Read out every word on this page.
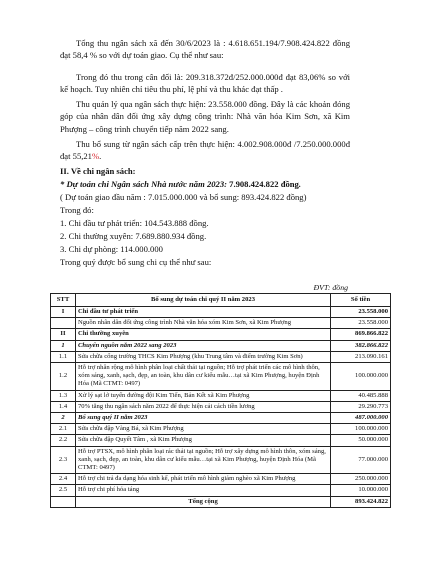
Tổng thu ngân sách xã đến 30/6/2023 là : 4.618.651.194/7.908.424.822 đồng đạt 58,4 % so với dự toán giao. Cụ thể như sau:

Trong đó thu trong cân đối là: 209.318.372đ/252.000.000đ đạt 83,06% so với kế hoạch. Tuy nhiên chỉ tiêu thu phí, lệ phí và thu khác đạt thấp .

Thu quản lý qua ngân sách thực hiện: 23.558.000 đồng. Đây là các khoản đóng góp của nhân dân đối ứng xây dựng công trình: Nhà văn hóa Kim Sơn, xã Kim Phượng – công trình chuyển tiếp năm 2022 sang.

Thu bổ sung từ ngân sách cấp trên thực hiện: 4.002.908.000đ /7.250.000.000đ đạt 55,21%.

II. Về chi ngân sách:

* Dự toán chi Ngân sách Nhà nước năm 2023: 7.908.424.822 đồng.

( Dự toán giao đầu năm : 7.015.000.000 và bổ sung: 893.424.822 đồng)

Trong đó:

1. Chi đầu tư phát triển: 104.543.888 đồng.

2. Chi thường xuyên: 7.689.880.934 đồng.

3. Chi dự phòng: 114.000.000

Trong quý được bổ sung chi cụ thể như sau:

ĐVT: đồng
STT	Bổ sung dự toán chi quý II năm 2023	Số tiền
I	Chi đầu tư phát triển	23.558.000
	Nguồn nhân dân đối ứng công trình Nhà văn hóa xóm Kim Sơn, xã Kim Phượng	23.558.000
II	Chi thường xuyên	869.866.822
1	Chuyển nguồn năm 2022 sang 2023	382.866.822
1.1	Sửa chữa cổng trường THCS Kim Phượng (khu Trung tâm và điểm trường Kim Sơn)	213.090.161
1.2	Hỗ trợ nhân rộng mô hình phân loại chất thải tại nguồn; Hỗ trợ phát triển các mô hình thôn, xóm sáng, xanh, sạch, đẹp, an toàn, khu dân cư kiểu mẫu…tại xã Kim Phượng, huyện Định Hóa (Mã CTMT: 0497)	100.000.000
1.3	Xử lý sạt lở tuyến đường đội Kim Tiến, Bản Kết xã Kim Phượng	40.485.888
1.4	70% tăng thu ngân sách năm 2022 để thực hiện cải cách tiền lương	29.290.773
2	Bổ sung quý II năm 2023	487.000.000
2.1	Sửa chữa đập Vàng Bá, xã Kim Phượng	100.000.000
2.2	Sửa chữa đập Quyết Tâm , xã Kim Phượng	50.000.000
2.3	Hỗ trợ PTSX, mô hình phân loại rác thải tại nguồn; Hỗ trợ xây dựng mô hình thôn, xóm sáng, xanh, sạch, đẹp, an toàn, khu dân cư kiểu mẫu…tại xã Kim Phượng, huyện Định Hóa (Mã CTMT: 0497)	77.000.000
2.4	Hỗ trợ chi trả đa dạng hóa sinh kế, phát triển mô hình giảm nghèo xã Kim Phượng	250.000.000
2.5	Hỗ trợ chi phí hỏa táng	10.000.000
	Tổng cộng	893.424.822
